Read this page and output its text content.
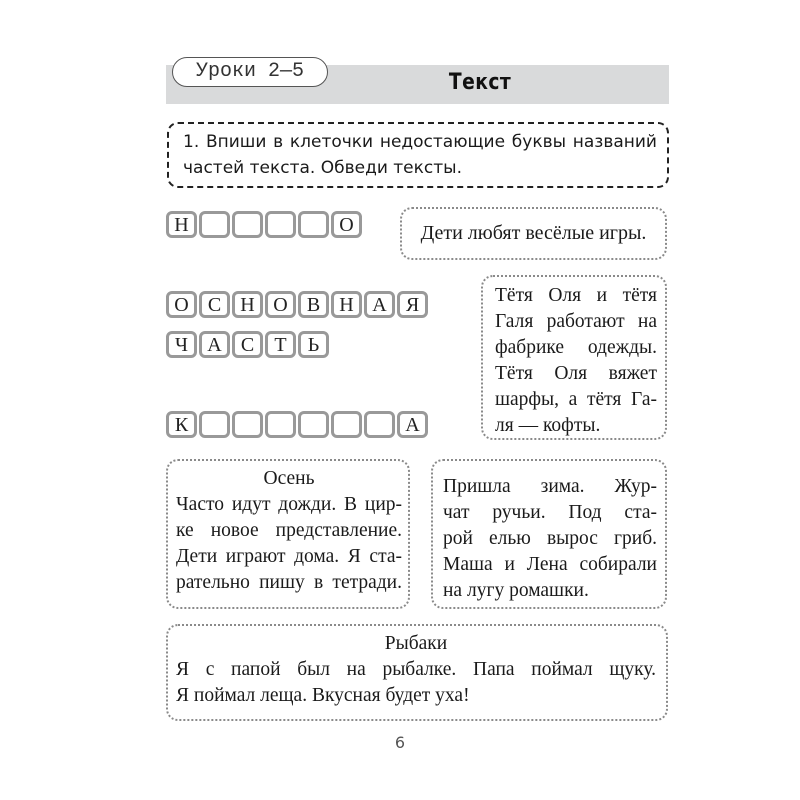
Уроки 2—5	Текст
1. Впиши в клеточки недостающие буквы названий
частей текста. Обведи тексты.
Н	О
О С Н О В Н А Я
Ч А С	Т	Ь
К	А
Дети любят весёлые игры.
Тётя Оля и тётя
Галя работают на
фабрике одежды.
Тётя Оля вяжет
шарфы, а тётя Га-
ля — кофты.
Осень
Часто идут дожди. В цир-
ке новое представление.
Дети играют дома. Я ста-
рательно пишу в тетради.
Пришла зима. Жур-
чат ручьи. Под ста-
рой елью вырос гриб.
Маша и Лена собирали
на лугу ромашки.
Рыбаки
Я с папой был на рыбалке. Папа поймал щуку.
Я поймал леща. Вкусная будет уха!
6
